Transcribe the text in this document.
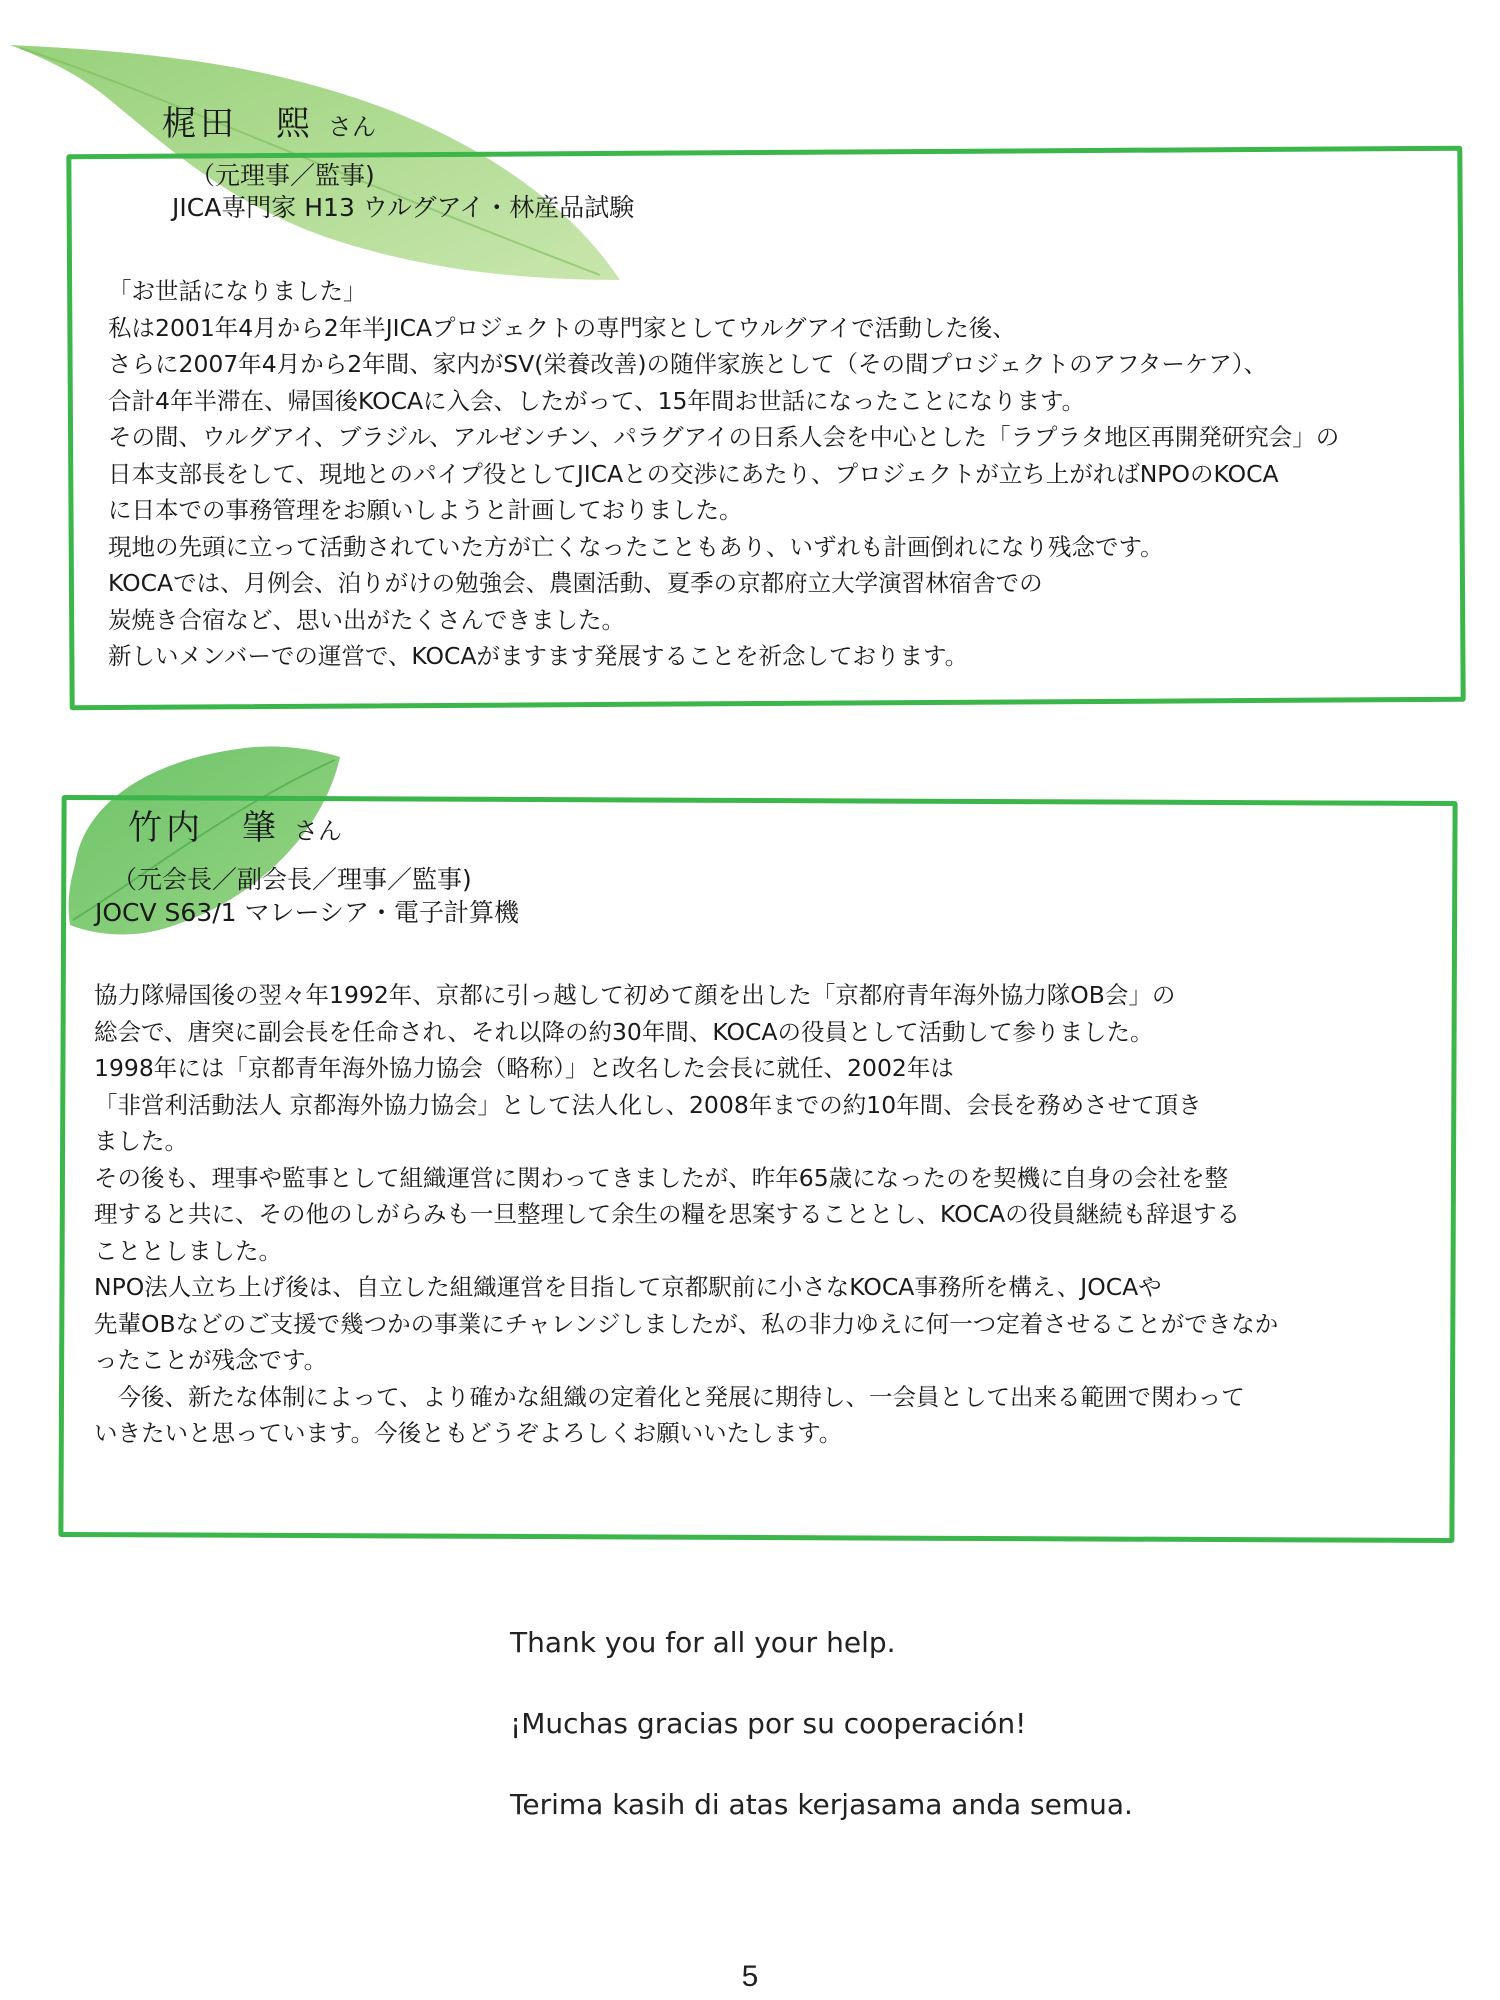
梶田　熙 さん
（元理事／監事)
JICA専門家 H13 ウルグアイ・林産品試験

「お世話になりました」

私は2001年4月から2年半JICAプロジェクトの専門家としてウルグアイで活動した後、

さらに2007年4月から2年間、家内がSV(栄養改善)の随伴家族として（その間プロジェクトのアフターケア）、

合計4年半滞在、帰国後KOCAに入会、したがって、15年間お世話になったことになります。

その間、ウルグアイ、ブラジル、アルゼンチン、パラグアイの日系人会を中心とした「ラプラタ地区再開発研究会」の

日本支部長をして、現地とのパイプ役としてJICAとの交渉にあたり、プロジェクトが立ち上がればNPOのKOCA

に日本での事務管理をお願いしようと計画しておりました。

現地の先頭に立って活動されていた方が亡くなったこともあり、いずれも計画倒れになり残念です。

KOCAでは、月例会、泊りがけの勉強会、農園活動、夏季の京都府立大学演習林宿舎での

炭焼き合宿など、思い出がたくさんできました。

新しいメンバーでの運営で、KOCAがますます発展することを祈念しております。

竹内　肇 さん
（元会長／副会長／理事／監事)
JOCV S63/1 マレーシア・電子計算機

協力隊帰国後の翌々年1992年、京都に引っ越して初めて顔を出した「京都府青年海外協力隊OB会」の

総会で、唐突に副会長を任命され、それ以降の約30年間、KOCAの役員として活動して参りました。

1998年には「京都青年海外協力協会（略称）」と改名した会長に就任、2002年は

「非営利活動法人 京都海外協力協会」として法人化し、2008年までの約10年間、会長を務めさせて頂き

ました。

その後も、理事や監事として組織運営に関わってきましたが、昨年65歳になったのを契機に自身の会社を整

理すると共に、その他のしがらみも一旦整理して余生の糧を思案することとし、KOCAの役員継続も辞退する

こととしました。

NPO法人立ち上げ後は、自立した組織運営を目指して京都駅前に小さなKOCA事務所を構え、JOCAや

先輩OBなどのご支援で幾つかの事業にチャレンジしましたが、私の非力ゆえに何一つ定着させることができなか

ったことが残念です。

　今後、新たな体制によって、より確かな組織の定着化と発展に期待し、一会員として出来る範囲で関わって

いきたいと思っています。今後ともどうぞよろしくお願いいたします。

Thank you for all your help.

¡Muchas gracias por su cooperación!

Terima kasih di atas kerjasama anda semua.

5
